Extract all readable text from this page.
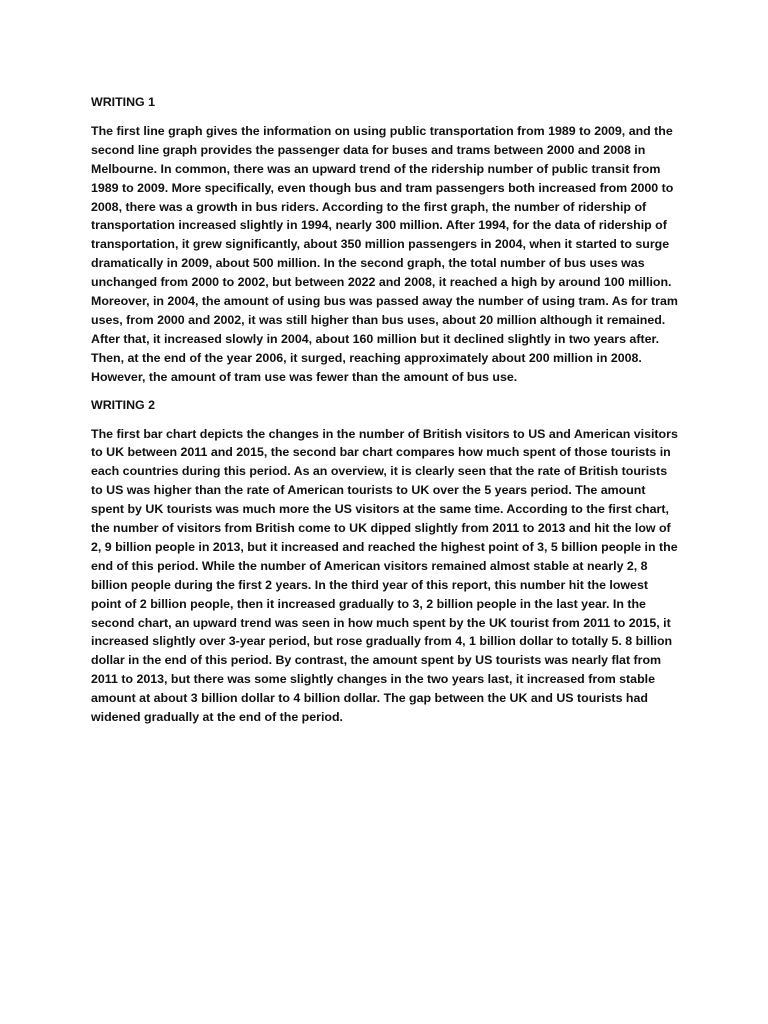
WRITING 1

The first line graph gives the information on using public transportation from 1989 to 2009, and the second line graph provides the passenger data for buses and trams between 2000 and 2008 in Melbourne. In common, there was an upward trend of the ridership number of public transit from 1989 to 2009. More specifically, even though bus and tram passengers both increased from 2000 to 2008, there was a growth in bus riders. According to the first graph, the number of ridership of transportation increased slightly in 1994, nearly 300 million. After 1994, for the data of ridership of transportation, it grew significantly, about 350 million passengers in 2004, when it started to surge dramatically in 2009, about 500 million. In the second graph, the total number of bus uses was unchanged from 2000 to 2002, but between 2022 and 2008, it reached a high by around 100 million. Moreover, in 2004, the amount of using bus was passed away the number of using tram. As for tram uses, from 2000 and 2002, it was still higher than bus uses, about 20 million although it remained. After that, it increased slowly in 2004, about 160 million but it declined slightly in two years after. Then, at the end of the year 2006, it surged, reaching approximately about 200 million in 2008. However, the amount of tram use was fewer than the amount of bus use.

WRITING 2

The first bar chart depicts the changes in the number of British visitors to US and American visitors to UK between 2011 and 2015, the second bar chart compares how much spent of those tourists in each countries during this period. As an overview, it is clearly seen that the rate of British tourists to US was higher than the rate of American tourists to UK over the 5 years period. The amount spent by UK tourists was much more the US visitors at the same time. According to the first chart, the number of visitors from British come to UK dipped slightly from 2011 to 2013 and hit the low of 2, 9 billion people in 2013, but it increased and reached the highest point of 3, 5 billion people in the end of this period. While the number of American visitors remained almost stable at nearly 2, 8 billion people during the first 2 years. In the third year of this report, this number hit the lowest point of 2 billion people, then it increased gradually to 3, 2 billion people in the last year. In the second chart, an upward trend was seen in how much spent by the UK tourist from 2011 to 2015, it increased slightly over 3-year period, but rose gradually from 4, 1 billion dollar to totally 5. 8 billion dollar in the end of this period. By contrast, the amount spent by US tourists was nearly flat from 2011 to 2013, but there was some slightly changes in the two years last, it increased from stable amount at about 3 billion dollar to 4 billion dollar. The gap between the UK and US tourists had widened gradually at the end of the period.
